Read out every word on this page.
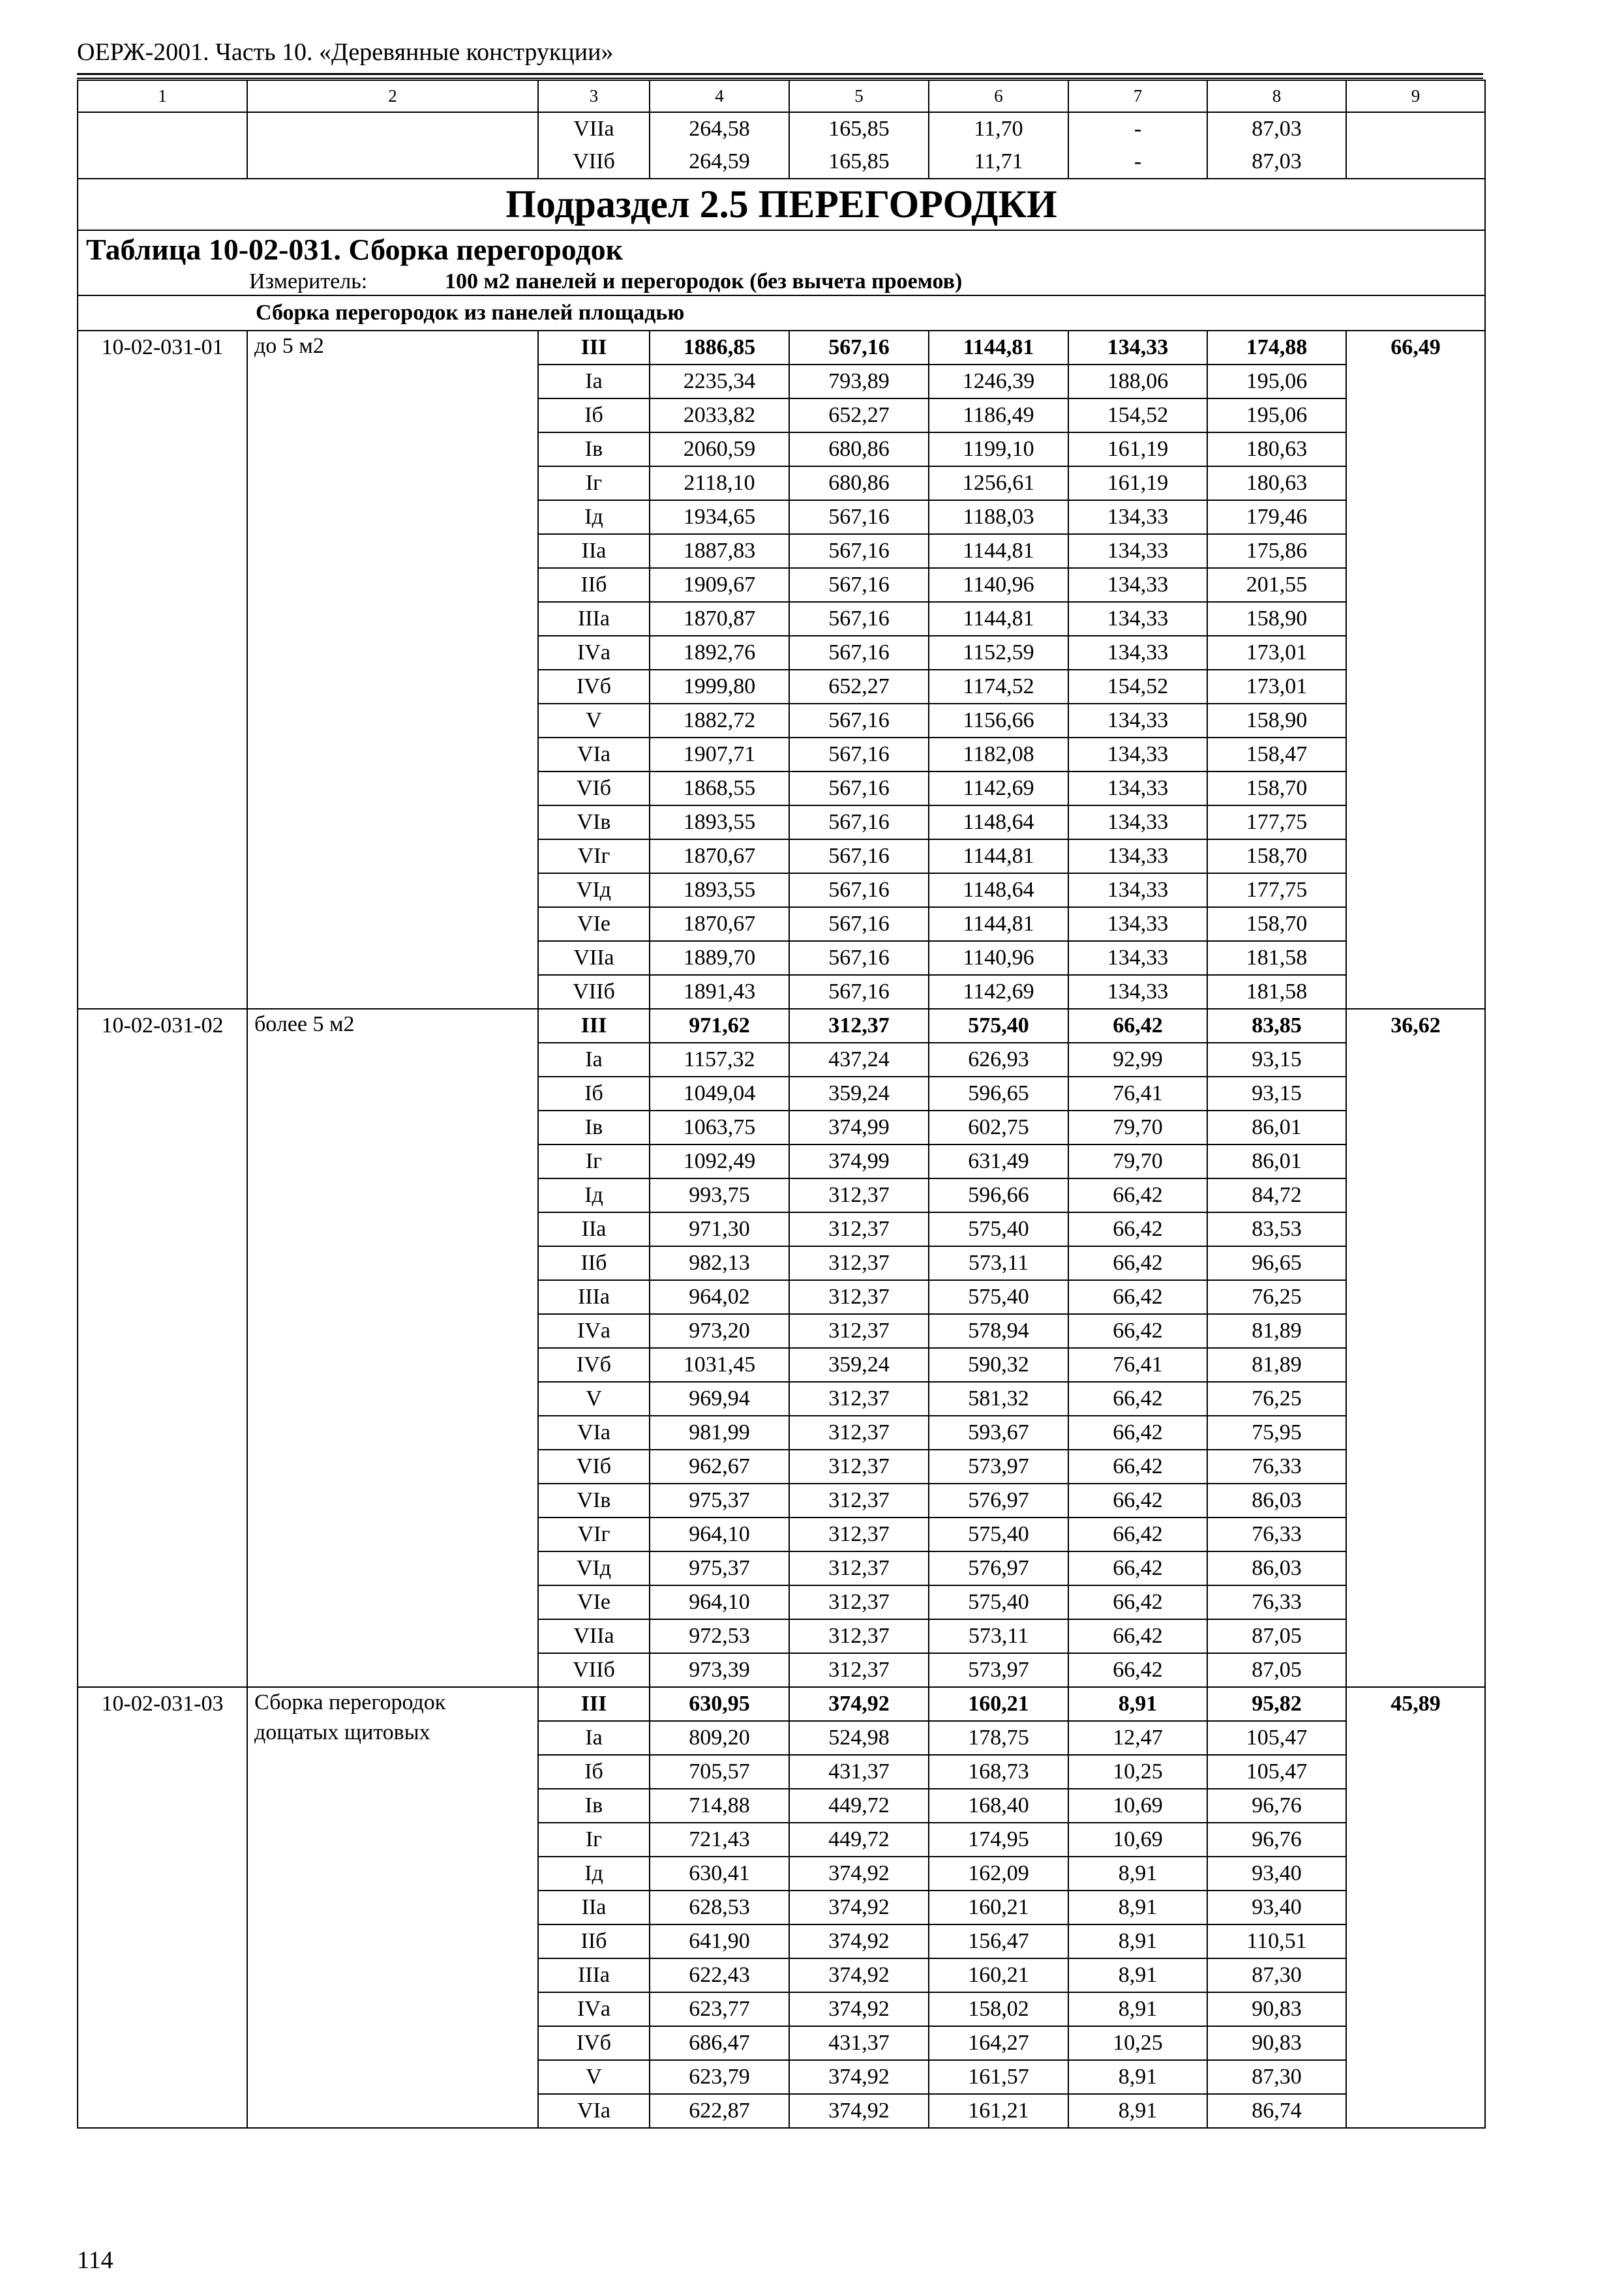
ОЕРЖ-2001. Часть 10. «Деревянные конструкции»
1	2	3	4	5	6	7	8	9
		VIIа	264,58	165,85	11,70	-	87,03	
		VIIб	264,59	165,85	11,71	-	87,03	
Подраздел 2.5 ПЕРЕГОРОДКИ								
Таблица 10-02-031. Сборка перегородок								
Измеритель: 100 м2 панелей и перегородок (без вычета проемов)								
Сборка перегородок из панелей площадью								
10-02-031-01	до 5 м2	III	1886,85	567,16	1144,81	134,33	174,88	66,49
		Iа	2235,34	793,89	1246,39	188,06	195,06	
		Iб	2033,82	652,27	1186,49	154,52	195,06	
		Iв	2060,59	680,86	1199,10	161,19	180,63	
		Iг	2118,10	680,86	1256,61	161,19	180,63	
		Iд	1934,65	567,16	1188,03	134,33	179,46	
		IIа	1887,83	567,16	1144,81	134,33	175,86	
		IIб	1909,67	567,16	1140,96	134,33	201,55	
		IIIа	1870,87	567,16	1144,81	134,33	158,90	
		IVа	1892,76	567,16	1152,59	134,33	173,01	
		IVб	1999,80	652,27	1174,52	154,52	173,01	
		V	1882,72	567,16	1156,66	134,33	158,90	
		VIа	1907,71	567,16	1182,08	134,33	158,47	
		VIб	1868,55	567,16	1142,69	134,33	158,70	
		VIв	1893,55	567,16	1148,64	134,33	177,75	
		VIг	1870,67	567,16	1144,81	134,33	158,70	
		VIд	1893,55	567,16	1148,64	134,33	177,75	
		VIе	1870,67	567,16	1144,81	134,33	158,70	
		VIIа	1889,70	567,16	1140,96	134,33	181,58	
		VIIб	1891,43	567,16	1142,69	134,33	181,58	
10-02-031-02	более 5 м2	III	971,62	312,37	575,40	66,42	83,85	36,62
		Iа	1157,32	437,24	626,93	92,99	93,15	
		Iб	1049,04	359,24	596,65	76,41	93,15	
		Iв	1063,75	374,99	602,75	79,70	86,01	
		Iг	1092,49	374,99	631,49	79,70	86,01	
		Iд	993,75	312,37	596,66	66,42	84,72	
		IIа	971,30	312,37	575,40	66,42	83,53	
		IIб	982,13	312,37	573,11	66,42	96,65	
		IIIа	964,02	312,37	575,40	66,42	76,25	
		IVа	973,20	312,37	578,94	66,42	81,89	
		IVб	1031,45	359,24	590,32	76,41	81,89	
		V	969,94	312,37	581,32	66,42	76,25	
		VIа	981,99	312,37	593,67	66,42	75,95	
		VIб	962,67	312,37	573,97	66,42	76,33	
		VIв	975,37	312,37	576,97	66,42	86,03	
		VIг	964,10	312,37	575,40	66,42	76,33	
		VIд	975,37	312,37	576,97	66,42	86,03	
		VIе	964,10	312,37	575,40	66,42	76,33	
		VIIа	972,53	312,37	573,11	66,42	87,05	
		VIIб	973,39	312,37	573,97	66,42	87,05	
10-02-031-03	Сборка перегородок дощатых щитовых	III	630,95	374,92	160,21	8,91	95,82	45,89
		Iа	809,20	524,98	178,75	12,47	105,47	
		Iб	705,57	431,37	168,73	10,25	105,47	
		Iв	714,88	449,72	168,40	10,69	96,76	
		Iг	721,43	449,72	174,95	10,69	96,76	
		Iд	630,41	374,92	162,09	8,91	93,40	
		IIа	628,53	374,92	160,21	8,91	93,40	
		IIб	641,90	374,92	156,47	8,91	110,51	
		IIIа	622,43	374,92	160,21	8,91	87,30	
		IVа	623,77	374,92	158,02	8,91	90,83	
		IVб	686,47	431,37	164,27	10,25	90,83	
		V	623,79	374,92	161,57	8,91	87,30	
		VIа	622,87	374,92	161,21	8,91	86,74	
114
